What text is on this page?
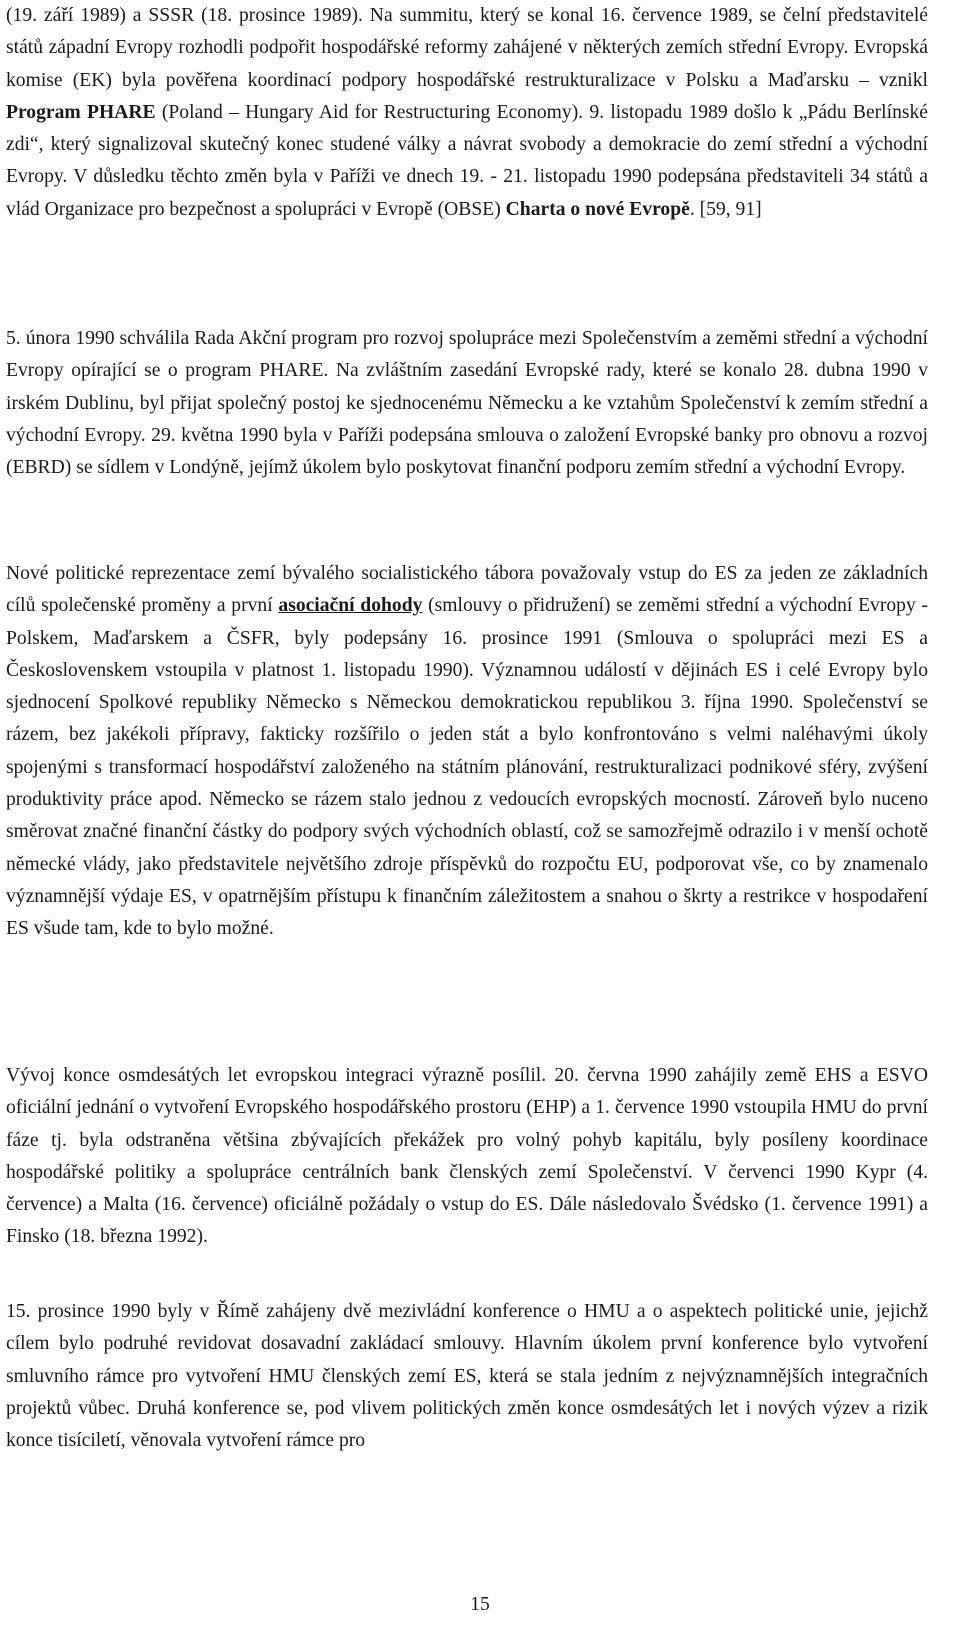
(19. září 1989) a SSSR (18. prosince 1989). Na summitu, který se konal 16. července 1989, se čelní představitelé států západní Evropy rozhodli podpořit hospodářské reformy zahájené v některých zemích střední Evropy. Evropská komise (EK) byla pověřena koordinací podpory hospodářské restrukturalizace v Polsku a Maďarsku – vznikl Program PHARE (Poland – Hungary Aid for Restructuring Economy). 9. listopadu 1989 došlo k „Pádu Berlínské zdi“, který signalizoval skutečný konec studené války a návrat svobody a demokracie do zemí střední a východní Evropy. V důsledku těchto změn byla v Paříži ve dnech 19. - 21. listopadu 1990 podepsána představiteli 34 států a vlád Organizace pro bezpečnost a spolupráci v Evropě (OBSE) Charta o nové Evropě. [59, 91]

5. února 1990 schválila Rada Akční program pro rozvoj spolupráce mezi Společenstvím a zeměmi střední a východní Evropy opírající se o program PHARE. Na zvláštním zasedání Evropské rady, které se konalo 28. dubna 1990 v irském Dublinu, byl přijat společný postoj ke sjednocenému Německu a ke vztahům Společenství k zemím střední a východní Evropy. 29. května 1990 byla v Paříži podepsána smlouva o založení Evropské banky pro obnovu a rozvoj (EBRD) se sídlem v Londýně, jejímž úkolem bylo poskytovat finanční podporu zemím střední a východní Evropy.

Nové politické reprezentace zemí bývalého socialistického tábora považovaly vstup do ES za jeden ze základních cílů společenské proměny a první asociační dohody (smlouvy o přidružení) se zeměmi střední a východní Evropy - Polskem, Maďarskem a ČSFR, byly podepsány 16. prosince 1991 (Smlouva o spolupráci mezi ES a Československem vstoupila v platnost 1. listopadu 1990). Významnou událostí v dějinách ES i celé Evropy bylo sjednocení Spolkové republiky Německo s Německou demokratickou republikou 3. října 1990. Společenství se rázem, bez jakékoli přípravy, fakticky rozšířilo o jeden stát a bylo konfrontováno s velmi naléhavými úkoly spojenými s transformací hospodářství založeného na státním plánování, restrukturalizaci podnikové sféry, zvýšení produktivity práce apod. Německo se rázem stalo jednou z vedoucích evropských mocností. Zároveň bylo nuceno směrovat značné finanční částky do podpory svých východních oblastí, což se samozřejmě odrazilo i v menší ochotě německé vlády, jako představitele největšího zdroje příspěvků do rozpočtu EU, podporovat vše, co by znamenalo významnější výdaje ES, v opatrnějším přístupu k finančním záležitostem a snahou o škrty a restrikce v hospodaření ES všude tam, kde to bylo možné.

Vývoj konce osmdesátých let evropskou integraci výrazně posílil. 20. června 1990 zahájily země EHS a ESVO oficiální jednání o vytvoření Evropského hospodářského prostoru (EHP) a 1. července 1990 vstoupila HMU do první fáze tj. byla odstraněna většina zbývajících překážek pro volný pohyb kapitálu, byly posíleny koordinace hospodářské politiky a spolupráce centrálních bank členských zemí Společenství. V červenci 1990 Kypr (4. července) a Malta (16. července) oficiálně požádaly o vstup do ES. Dále následovalo Švédsko (1. července 1991) a Finsko (18. března 1992).

15. prosince 1990 byly v Římě zahájeny dvě mezivládní konference o HMU a o aspektech politické unie, jejichž cílem bylo podruhé revidovat dosavadní zakládací smlouvy. Hlavním úkolem první konference bylo vytvoření smluvního rámce pro vytvoření HMU členských zemí ES, která se stala jedním z nejvýznamnějších integračních projektů vůbec. Druhá konference se, pod vlivem politických změn konce osmdesátých let i nových výzev a rizik konce tisíciletí, věnovala vytvoření rámce pro

15
